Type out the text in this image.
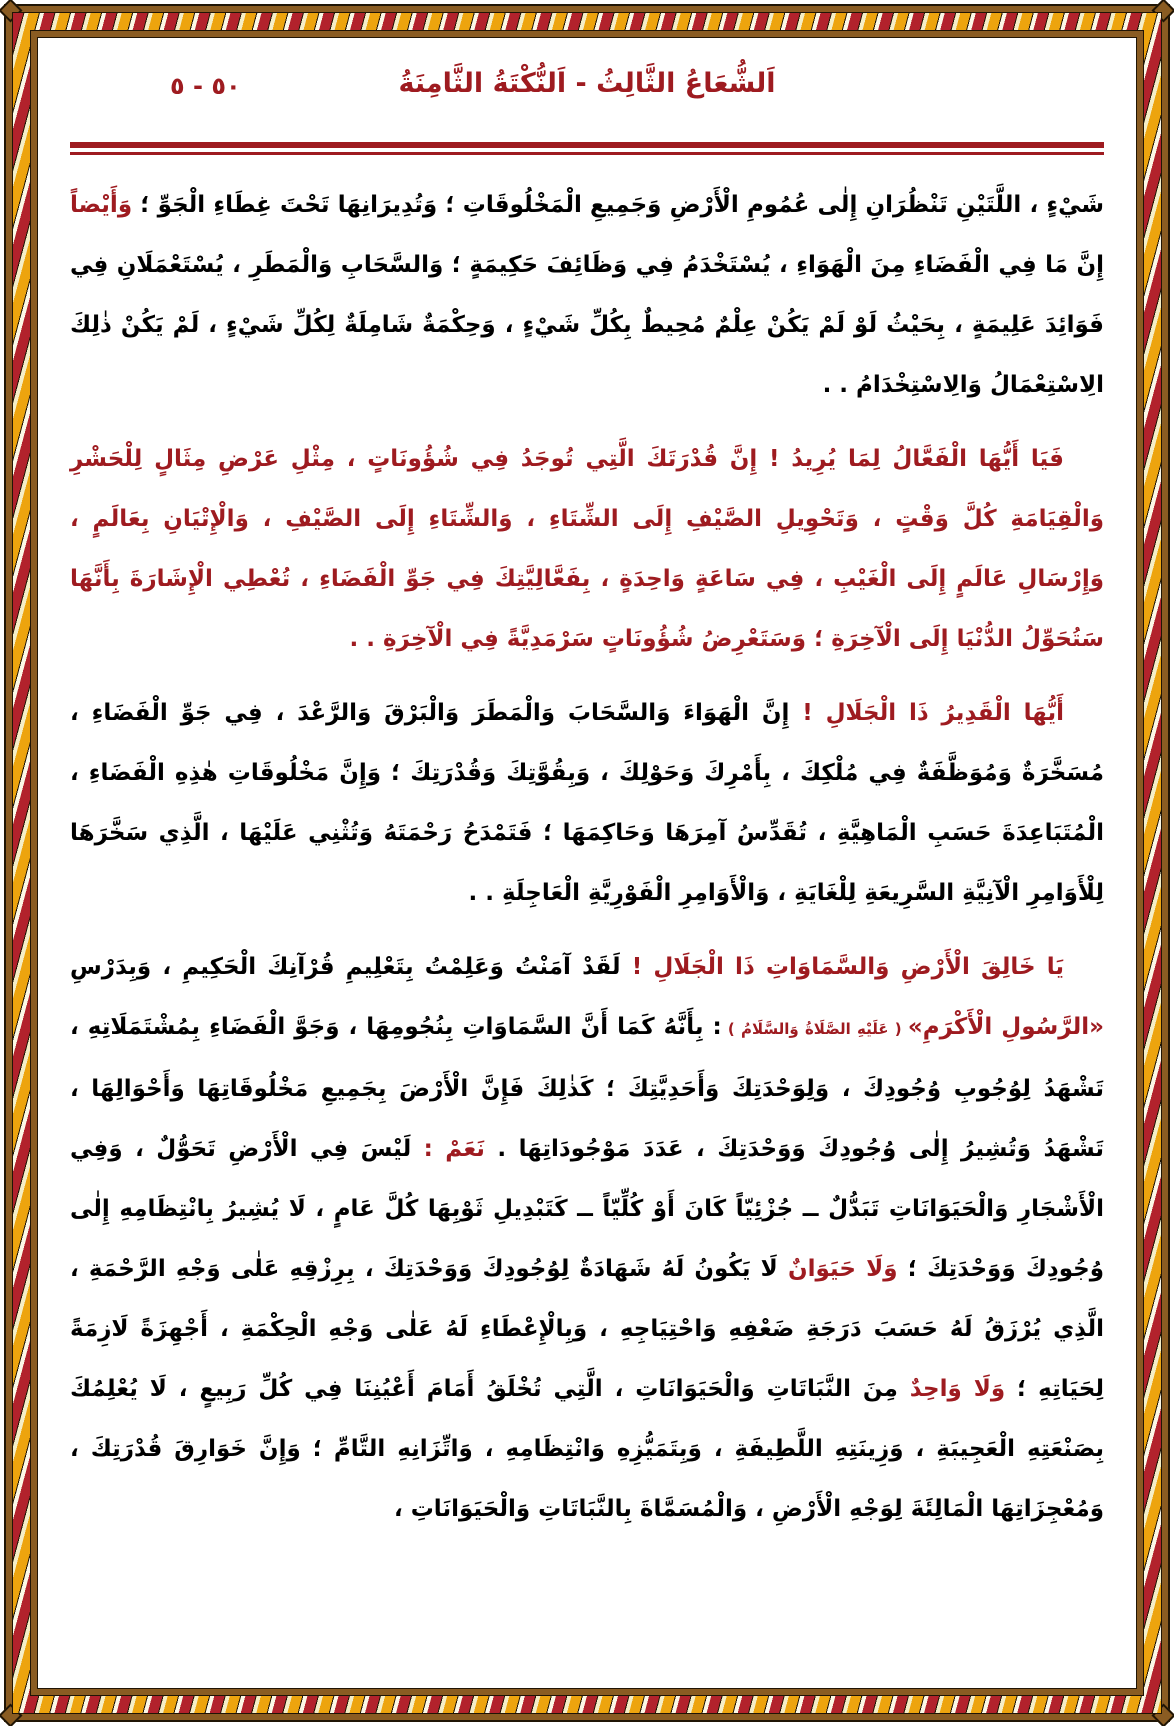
اَلشُّعَاعُ الثَّالِثُ - اَلنُّكْتَةُ الثَّامِنَةُ
٥٠ - ٥

شَيْءٍ ، اللَّتَيْنِ تَنْظُرَانِ إِلٰى عُمُومِ الْأَرْضِ وَجَمِيعِ الْمَخْلُوقَاتِ ؛ وَتُدِيرَانِهَا تَحْتَ غِطَاءِ الْجَوِّ ؛ وَأَيْضاً إِنَّ مَا فِي الْفَضَاءِ مِنَ الْهَوَاءِ ، يُسْتَخْدَمُ فِي وَظَائِفَ حَكِيمَةٍ ؛ وَالسَّحَابِ وَالْمَطَرِ ، يُسْتَعْمَلَانِ فِي فَوَائِدَ عَلِيمَةٍ ، بِحَيْثُ لَوْ لَمْ يَكُنْ عِلْمٌ مُحِيطٌ بِكُلِّ شَيْءٍ ، وَحِكْمَةٌ شَامِلَةٌ لِكُلِّ شَيْءٍ ، لَمْ يَكُنْ ذٰلِكَ الِاسْتِعْمَالُ وَالِاسْتِخْدَامُ . .

فَيَا أَيُّهَا الْفَعَّالُ لِمَا يُرِيدُ ! إِنَّ قُدْرَتَكَ الَّتِي تُوجَدُ فِي شُؤُونَاتٍ ، مِثْلِ عَرْضِ مِثَالٍ لِلْحَشْرِ وَالْقِيَامَةِ كُلَّ وَقْتٍ ، وَتَحْوِيلِ الصَّيْفِ إِلَى الشِّتَاءِ ، وَالشِّتَاءِ إِلَى الصَّيْفِ ، وَالْإِتْيَانِ بِعَالَمٍ ، وَإِرْسَالِ عَالَمٍ إِلَى الْغَيْبِ ، فِي سَاعَةٍ وَاحِدَةٍ ، بِفَعَّالِيَّتِكَ فِي جَوِّ الْفَضَاءِ ، تُعْطِي الْإِشَارَةَ بِأَنَّهَا سَتُحَوِّلُ الدُّنْيَا إِلَى الْآخِرَةِ ؛ وَسَتَعْرِضُ شُؤُونَاتٍ سَرْمَدِيَّةً فِي الْآخِرَةِ . .

أَيُّهَا الْقَدِيرُ ذَا الْجَلَالِ ! إِنَّ الْهَوَاءَ وَالسَّحَابَ وَالْمَطَرَ وَالْبَرْقَ وَالرَّعْدَ ، فِي جَوِّ الْفَضَاءِ ، مُسَخَّرَةٌ وَمُوَظَّفَةٌ فِي مُلْكِكَ ، بِأَمْرِكَ وَحَوْلِكَ ، وَبِقُوَّتِكَ وَقُدْرَتِكَ ؛ وَإِنَّ مَخْلُوقَاتِ هٰذِهِ الْفَضَاءِ ، الْمُتَبَاعِدَةَ حَسَبِ الْمَاهِيَّةِ ، تُقَدِّسُ آمِرَهَا وَحَاكِمَهَا ؛ فَتَمْدَحُ رَحْمَتَهُ وَتُثْنِي عَلَيْهَا ، الَّذِي سَخَّرَهَا لِلْأَوَامِرِ الْآنِيَّةِ السَّرِيعَةِ لِلْغَايَةِ ، وَالْأَوَامِرِ الْفَوْرِيَّةِ الْعَاجِلَةِ . .

يَا خَالِقَ الْأَرْضِ وَالسَّمَاوَاتِ ذَا الْجَلَالِ ! لَقَدْ آمَنْتُ وَعَلِمْتُ بِتَعْلِيمِ قُرْآنِكَ الْحَكِيمِ ، وَبِدَرْسِ «الرَّسُولِ الْأَكْرَمِ» ( عَلَيْهِ الصَّلَاةُ وَالسَّلَامُ ) : بِأَنَّهُ كَمَا أَنَّ السَّمَاوَاتِ بِنُجُومِهَا ، وَجَوَّ الْفَضَاءِ بِمُشْتَمَلَاتِهِ ، تَشْهَدُ لِوُجُوبِ وُجُودِكَ ، وَلِوَحْدَتِكَ وَأَحَدِيَّتِكَ ؛ كَذٰلِكَ فَإِنَّ الْأَرْضَ بِجَمِيعِ مَخْلُوقَاتِهَا وَأَحْوَالِهَا ، تَشْهَدُ وَتُشِيرُ إِلٰى وُجُودِكَ وَوَحْدَتِكَ ، عَدَدَ مَوْجُودَاتِهَا . نَعَمْ : لَيْسَ فِي الْأَرْضِ تَحَوُّلٌ ، وَفِي الْأَشْجَارِ وَالْحَيَوَانَاتِ تَبَدُّلٌ ــ جُزْئِيّاً كَانَ أَوْ كُلِّيّاً ــ كَتَبْدِيلِ ثَوْبِهَا كُلَّ عَامٍ ، لَا يُشِيرُ بِانْتِظَامِهِ إِلٰى وُجُودِكَ وَوَحْدَتِكَ ؛ وَلَا حَيَوَانٌ لَا يَكُونُ لَهُ شَهَادَةٌ لِوُجُودِكَ وَوَحْدَتِكَ ، بِرِزْقِهِ عَلٰى وَجْهِ الرَّحْمَةِ ، الَّذِي يُرْزَقُ لَهُ حَسَبَ دَرَجَةِ ضَعْفِهِ وَاحْتِيَاجِهِ ، وَبِالْإِعْطَاءِ لَهُ عَلٰى وَجْهِ الْحِكْمَةِ ، أَجْهِزَةً لَازِمَةً لِحَيَاتِهِ ؛ وَلَا وَاحِدٌ مِنَ النَّبَاتَاتِ وَالْحَيَوَانَاتِ ، الَّتِي تُخْلَقُ أَمَامَ أَعْيُنِنَا فِي كُلِّ رَبِيعٍ ، لَا يُعْلِمُكَ بِصَنْعَتِهِ الْعَجِيبَةِ ، وَزِينَتِهِ اللَّطِيفَةِ ، وَبِتَمَيُّزِهِ وَانْتِظَامِهِ ، وَاتِّزَانِهِ التَّامِّ ؛ وَإِنَّ خَوَارِقَ قُدْرَتِكَ ، وَمُعْجِزَاتِهَا الْمَالِئَةَ لِوَجْهِ الْأَرْضِ ، وَالْمُسَمَّاةَ بِالنَّبَاتَاتِ وَالْحَيَوَانَاتِ ،
